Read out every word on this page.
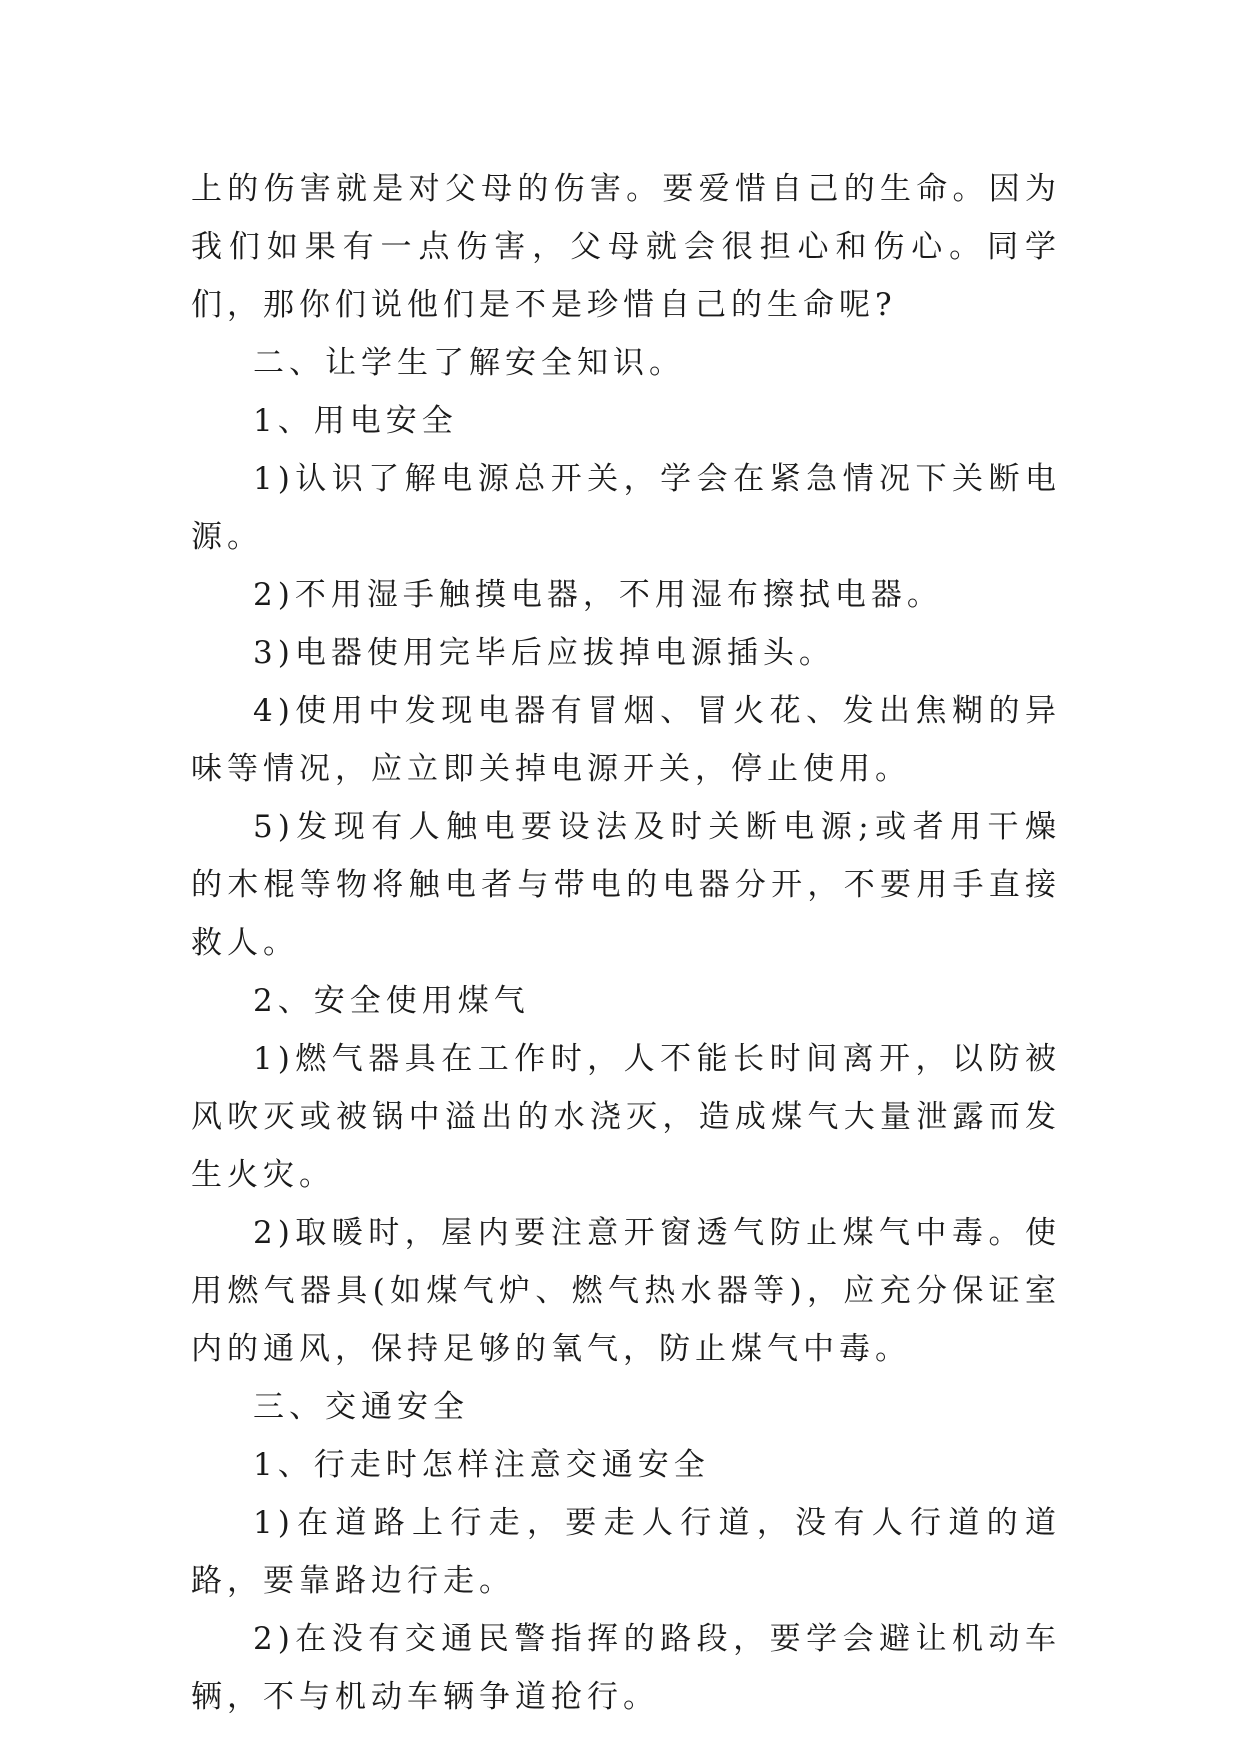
上的伤害就是对父母的伤害。要爱惜自己的生命。因为我们如果有一点伤害，父母就会很担心和伤心。同学们，那你们说他们是不是珍惜自己的生命呢?

二、让学生了解安全知识。

1、用电安全

1)认识了解电源总开关，学会在紧急情况下关断电源。

2)不用湿手触摸电器，不用湿布擦拭电器。

3)电器使用完毕后应拔掉电源插头。

4)使用中发现电器有冒烟、冒火花、发出焦糊的异味等情况，应立即关掉电源开关，停止使用。

5)发现有人触电要设法及时关断电源;或者用干燥的木棍等物将触电者与带电的电器分开，不要用手直接救人。

2、安全使用煤气

1)燃气器具在工作时，人不能长时间离开，以防被风吹灭或被锅中溢出的水浇灭，造成煤气大量泄露而发生火灾。

2)取暖时，屋内要注意开窗透气防止煤气中毒。使用燃气器具(如煤气炉、燃气热水器等)，应充分保证室内的通风，保持足够的氧气，防止煤气中毒。

三、交通安全

1、行走时怎样注意交通安全

1)在道路上行走，要走人行道，没有人行道的道路，要靠路边行走。

2)在没有交通民警指挥的路段，要学会避让机动车辆，不与机动车辆争道抢行。
